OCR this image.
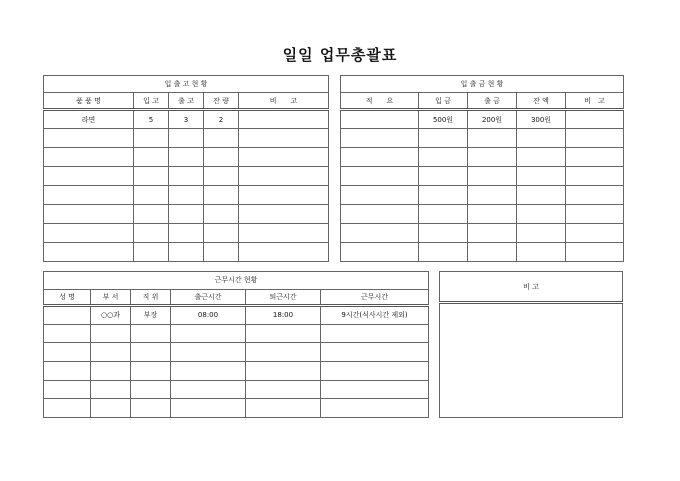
일일 업무총괄표
입 출 고 현 황				
품 품 명	입 고	출 고	잔 량	비　　고
라면	5	3	2	

입 출 금 현 황				
적　　요	입 금	출 금	잔 액	비　고
	500원	200원	300원	

근무시간 현황					
성 명	부 서	직 위	출근시간	퇴근시간	근무시간
	○○과	부장	08:00	18:00	9시간(식사시간 제외)

비 고
